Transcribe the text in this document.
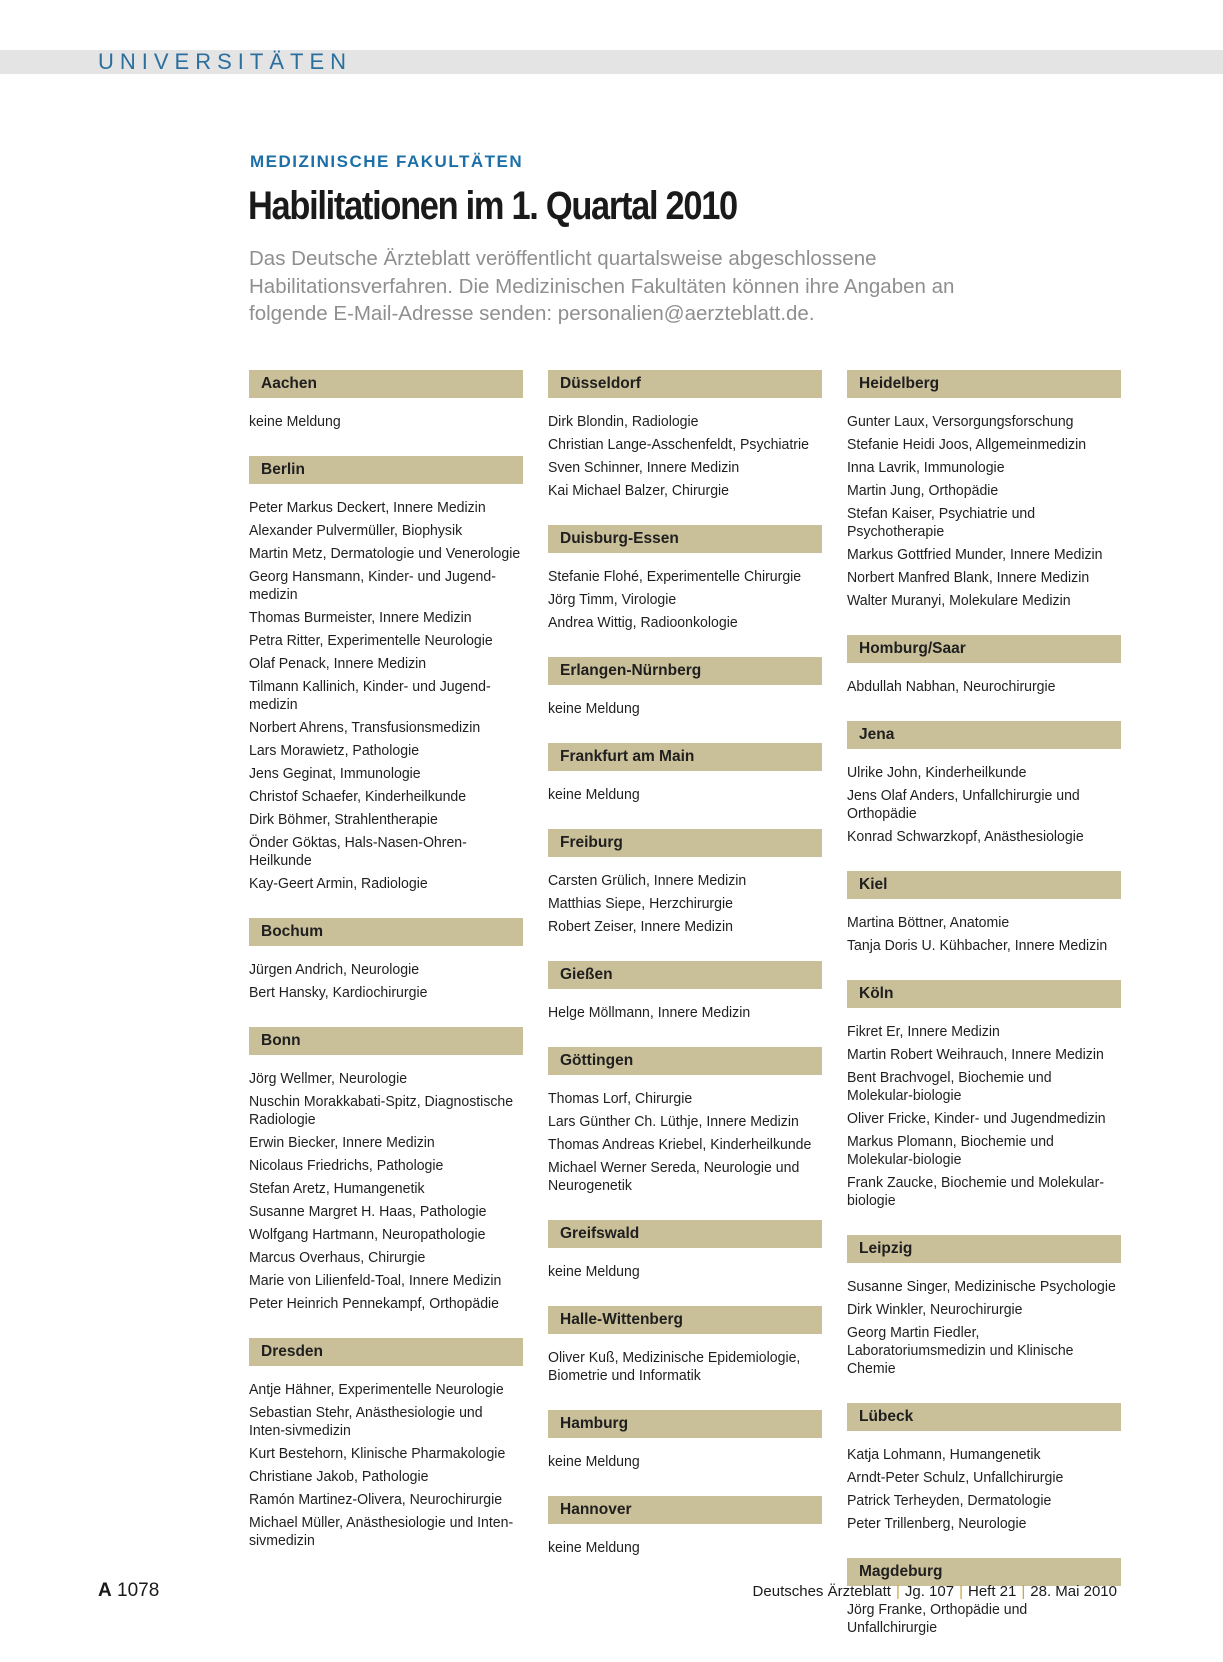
UNIVERSITÄTEN
MEDIZINISCHE FAKULTÄTEN
Habilitationen im 1. Quartal 2010

Das Deutsche Ärzteblatt veröffentlicht quartalsweise abgeschlossene Habilitationsverfahren. Die Medizinischen Fakultäten können ihre Angaben an folgende E-Mail-Adresse senden: personalien@aerzteblatt.de.

Aachen
keine Meldung
Berlin
Peter Markus Deckert, Innere Medizin
Alexander Pulvermüller, Biophysik
Martin Metz, Dermatologie und Venerologie
Georg Hansmann, Kinder- und Jugend-medizin
Thomas Burmeister, Innere Medizin
Petra Ritter, Experimentelle Neurologie
Olaf Penack, Innere Medizin
Tilmann Kallinich, Kinder- und Jugend-medizin
Norbert Ahrens, Transfusionsmedizin
Lars Morawietz, Pathologie
Jens Geginat, Immunologie
Christof Schaefer, Kinderheilkunde
Dirk Böhmer, Strahlentherapie
Önder Göktas, Hals-Nasen-Ohren-Heilkunde
Kay-Geert Armin, Radiologie
Bochum
Jürgen Andrich, Neurologie
Bert Hansky, Kardiochirurgie
Bonn
Jörg Wellmer, Neurologie
Nuschin Morakkabati-Spitz, Diagnostische Radiologie
Erwin Biecker, Innere Medizin
Nicolaus Friedrichs, Pathologie
Stefan Aretz, Humangenetik
Susanne Margret H. Haas, Pathologie
Wolfgang Hartmann, Neuropathologie
Marcus Overhaus, Chirurgie
Marie von Lilienfeld-Toal, Innere Medizin
Peter Heinrich Pennekampf, Orthopädie
Dresden
Antje Hähner, Experimentelle Neurologie
Sebastian Stehr, Anästhesiologie und Inten-sivmedizin
Kurt Bestehorn, Klinische Pharmakologie
Christiane Jakob, Pathologie
Ramón Martinez-Olivera, Neurochirurgie
Michael Müller, Anästhesiologie und Inten-sivmedizin
Düsseldorf
Dirk Blondin, Radiologie
Christian Lange-Asschenfeldt, Psychiatrie
Sven Schinner, Innere Medizin
Kai Michael Balzer, Chirurgie
Duisburg-Essen
Stefanie Flohé, Experimentelle Chirurgie
Jörg Timm, Virologie
Andrea Wittig, Radioonkologie
Erlangen-Nürnberg
keine Meldung
Frankfurt am Main
keine Meldung
Freiburg
Carsten Grülich, Innere Medizin
Matthias Siepe, Herzchirurgie
Robert Zeiser, Innere Medizin
Gießen
Helge Möllmann, Innere Medizin
Göttingen
Thomas Lorf, Chirurgie
Lars Günther Ch. Lüthje, Innere Medizin
Thomas Andreas Kriebel, Kinderheilkunde
Michael Werner Sereda, Neurologie und Neurogenetik
Greifswald
keine Meldung
Halle-Wittenberg
Oliver Kuß, Medizinische Epidemiologie, Biometrie und Informatik
Hamburg
keine Meldung
Hannover
keine Meldung
Heidelberg
Gunter Laux, Versorgungsforschung
Stefanie Heidi Joos, Allgemeinmedizin
Inna Lavrik, Immunologie
Martin Jung, Orthopädie
Stefan Kaiser, Psychiatrie und Psychotherapie
Markus Gottfried Munder, Innere Medizin
Norbert Manfred Blank, Innere Medizin
Walter Muranyi, Molekulare Medizin
Homburg/Saar
Abdullah Nabhan, Neurochirurgie
Jena
Ulrike John, Kinderheilkunde
Jens Olaf Anders, Unfallchirurgie und Orthopädie
Konrad Schwarzkopf, Anästhesiologie
Kiel
Martina Böttner, Anatomie
Tanja Doris U. Kühbacher, Innere Medizin
Köln
Fikret Er, Innere Medizin
Martin Robert Weihrauch, Innere Medizin
Bent Brachvogel, Biochemie und Molekular-biologie
Oliver Fricke, Kinder- und Jugendmedizin
Markus Plomann, Biochemie und Molekular-biologie
Frank Zaucke, Biochemie und Molekular-biologie
Leipzig
Susanne Singer, Medizinische Psychologie
Dirk Winkler, Neurochirurgie
Georg Martin Fiedler, Laboratoriumsmedizin und Klinische Chemie
Lübeck
Katja Lohmann, Humangenetik
Arndt-Peter Schulz, Unfallchirurgie
Patrick Terheyden, Dermatologie
Peter Trillenberg, Neurologie
Magdeburg
Jörg Franke, Orthopädie und Unfallchirurgie
A 1078	Deutsches Ärzteblatt | Jg. 107 | Heft 21 | 28. Mai 2010
